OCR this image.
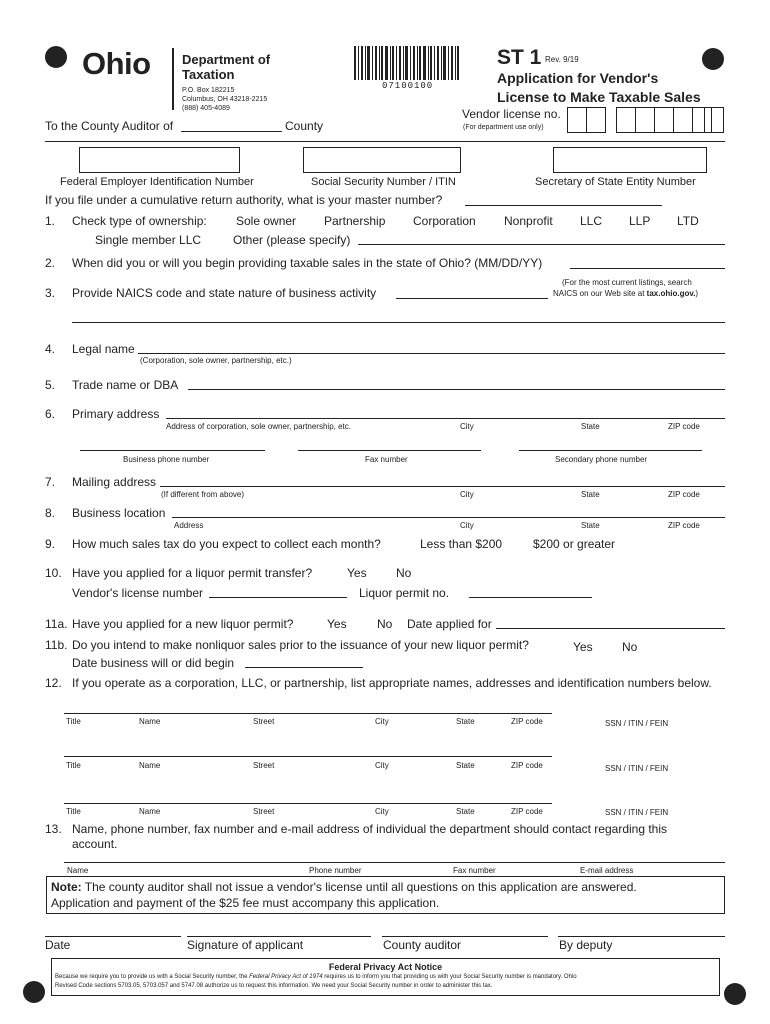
Ohio Department of
Taxation
P.O. Box 182215
Columbus, OH 43218-2215
(888) 405-4089
07100100
ST 1 Rev. 9/19
Application for Vendor's
License to Make Taxable Sales
Vendor license no.
(For department use only)
To the County Auditor of	County
Federal Employer Identification Number	Social Security Number / ITIN	Secretary of State Entity Number
If you file under a cumulative return authority, what is your master number?
1. Check type of ownership: Sole owner Partnership Corporation Nonprofit LLC LLP LTD
Single member LLC	Other (please specify)
2. When did you or will you begin providing taxable sales in the state of Ohio? (MM/DD/YY)
3. Provide NAICS code and state nature of business activity
(For the most current listings, search
NAICS on our Web site at tax.ohio.gov.)
4. Legal name
(Corporation, sole owner, partnership, etc.)
5. Trade name or DBA
6. Primary address
Address of corporation, sole owner, partnership, etc.	City	State	ZIP code
Business phone number	Fax number	Secondary phone number
7. Mailing address
(If different from above)	City	State	ZIP code
8. Business location
Address	City	State	ZIP code
9. How much sales tax do you expect to collect each month?	Less than $200	$200 or greater
10. Have you applied for a liquor permit transfer?	Yes No
Vendor's license number	Liquor permit no.
11a. Have you applied for a new liquor permit?	Yes	No Date applied for
11b. Do you intend to make nonliquor sales prior to the issuance of your new liquor permit?	Yes No
Date business will or did begin
12. If you operate as a corporation, LLC, or partnership, list appropriate names, addresses and identification numbers below.
Title	Name	Street	City	State	ZIP code	SSN / ITIN / FEIN
Title	Name	Street	City	State	ZIP code	SSN / ITIN / FEIN
Title	Name	Street	City	State	ZIP code	SSN / ITIN / FEIN
13. Name, phone number, fax number and e-mail address of individual the department should contact regarding this
account.
Name	Phone number	Fax number	E-mail address
Note: The county auditor shall not issue a vendor's license until all questions on this application are answered.
Application and payment of the $25 fee must accompany this application.
Date	Signature of applicant	County auditor	By deputy
Federal Privacy Act Notice
Because we require you to provide us with a Social Security number, the Federal Privacy Act of 1974 requires us to inform you that providing us with your Social Security number is mandatory. Ohio
Revised Code sections 5703.05, 5703.057 and 5747.08 authorize us to request this information. We need your Social Security number in order to administer this tax.
